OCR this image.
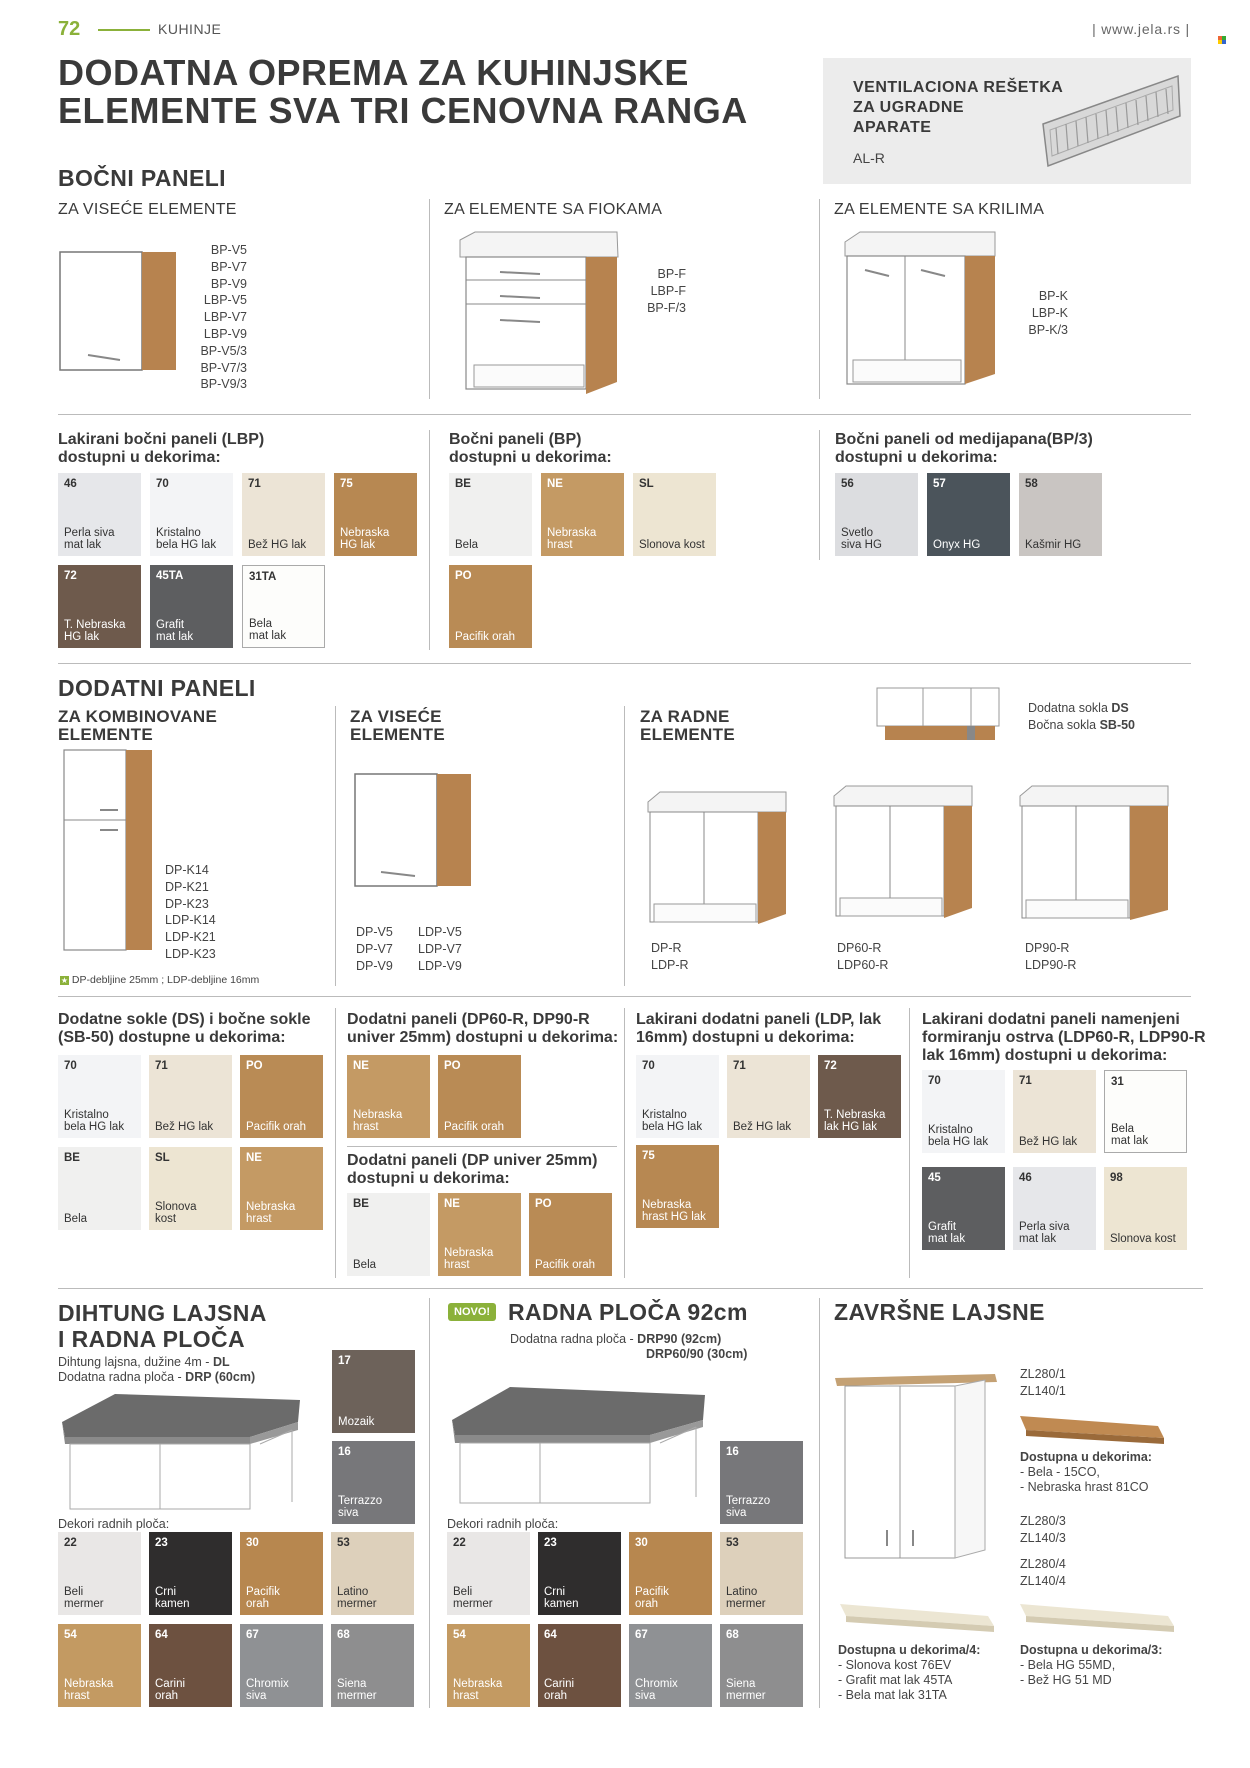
72	KUHINJE	| www.jela.rs |
DODATNA OPREMA ZA KUHINJSKE
ELEMENTE SVA TRI CENOVNA RANGA
VENTILACIONA REŠETKA
ZA UGRADNE
APARATE
AL-R
BOČNI PANELI
ZA VISEĆE ELEMENTE	ZA ELEMENTE SA FIOKAMA	ZA ELEMENTE SA KRILIMA
BP-V5
BP-V7
BP-V9
LBP-V5
LBP-V7
LBP-V9
BP-V5/3
BP-V7/3
BP-V9/3
BP-F
LBP-F
BP-F/3
BP-K
LBP-K
BP-K/3
Lakirani bočni paneli (LBP)
dostupni u dekorima:
46
Perla siva
mat lak
70
Kristalno
bela HG lak
71
Bež HG lak
75
Nebraska
HG lak
72
T. Nebraska
HG lak
45TA
Grafit
mat lak
31TA
Bela
mat lak
Bočni paneli (BP)
dostupni u dekorima:
BE
Bela
NE
Nebraska
hrast
SL
Slonova kost
PO
Pacifik orah
Bočni paneli od medijapana(BP/3)
dostupni u dekorima:
56
Svetlo
siva HG
57
Onyx HG
58
Kašmir HG
DODATNI PANELI
ZA KOMBINOVANE
ELEMENTE
ZA VISEĆE
ELEMENTE
ZA RADNE
ELEMENTE
DP-K14
DP-K21
DP-K23
LDP-K14
LDP-K21
LDP-K23
★ DP-debljine 25mm ; LDP-debljine 16mm
DP-V5
DP-V7
DP-V9
LDP-V5
LDP-V7
LDP-V9
DP-R
LDP-R
DP60-R
LDP60-R
DP90-R
LDP90-R
Dodatna sokla DS
Bočna sokla SB-50
Dodatne sokle (DS) i bočne sokle
(SB-50) dostupne u dekorima:
70
Kristalno
bela HG lak
71
Bež HG lak
PO
Pacifik orah
BE
Bela
SL
Slonova
kost
NE
Nebraska
hrast
Dodatni paneli (DP60-R, DP90-R
univer 25mm) dostupni u dekorima:
NE
Nebraska
hrast
PO
Pacifik orah
Dodatni paneli (DP univer 25mm)
dostupni u dekorima:
BE
Bela
NE
Nebraska
hrast
PO
Pacifik orah
Lakirani dodatni paneli (LDP, lak
16mm) dostupni u dekorima:
70
Kristalno
bela HG lak
71
Bež HG lak
72
T. Nebraska
lak HG lak
75
Nebraska
hrast HG lak
Lakirani dodatni paneli namenjeni
formiranju ostrva (LDP60-R, LDP90-R
lak 16mm) dostupni u dekorima:
70
Kristalno
bela HG lak
71
Bež HG lak
31
Bela
mat lak
45
Grafit
mat lak
46
Perla siva
mat lak
98
Slonova kost
DIHTUNG LAJSNA
I RADNA PLOČA
Dihtung lajsna, dužine 4m - DL
Dodatna radna ploča - DRP (60cm)
Dekori radnih ploča:
22
Beli
mermer
23
Crni
kamen
30
Pacifik
orah
53
Latino
mermer
54
Nebraska
hrast
64
Carini
orah
67
Chromix
siva
68
Siena
mermer
17
Mozaik
16
Terrazzo
siva
NOVO! RADNA PLOČA 92cm
Dodatna radna ploča - DRP90 (92cm)
DRP60/90 (30cm)
Dekori radnih ploča:
22
Beli
mermer
23
Crni
kamen
30
Pacifik
orah
53
Latino
mermer
54
Nebraska
hrast
64
Carini
orah
67
Chromix
siva
68
Siena
mermer
16
Terrazzo
siva
ZAVRŠNE LAJSNE
ZL280/1
ZL140/1
Dostupna u dekorima:
- Bela - 15CO,
- Nebraska hrast 81CO
ZL280/3
ZL140/3
ZL280/4
ZL140/4
Dostupna u dekorima/4:
- Slonova kost 76EV
- Grafit mat lak 45TA
- Bela mat lak 31TA
Dostupna u dekorima/3:
- Bela HG 55MD,
- Bež HG 51 MD
